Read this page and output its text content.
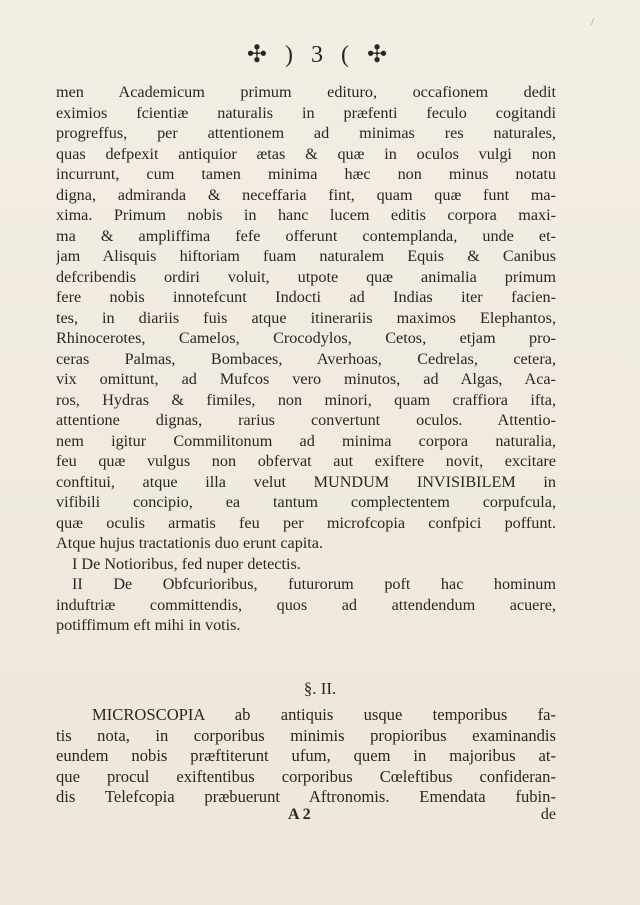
/
✣ ) 3 ( ✣
men Academicum primum editurο, occafionem dedit
eximios fcientiæ naturalis in præfenti feculo cogitandi
progreffus, per attentionem ad minimas res naturales,
quas defpexit antiquior ætas & quæ in oculos vulgi non
incurrunt, cum tamen minima hæc non minus notatu
digna, admiranda & neceffaria fint, quam quæ funt ma-
xima. Primum nobis in hanc lucem editis corpora maxi-
ma & ampliffima fefe offerunt contemplanda, unde et-
jam Alisquis hiftoriam fuam naturalem Equis & Canibus
defcribendis ordiri voluit, utpote quæ animalia primum
fere nobis innotefcunt Indocti ad Indias iter facien-
tes, in diariis fuis atque itinerariis maximos Elephantos,
Rhinocerotes, Camelos, Crocodylos, Cetos, etjam pro-
ceras Palmas, Bombaces, Averhoas, Cedrelas, cetera,
vix omittunt, ad Mufcos vero minutos, ad Algas, Aca-
ros, Hydras & fimiles, non minori, quam craffiora ifta,
attentione dignas, rarius convertunt oculos. Attentio-
nem igitur Commilitonum ad minima corpora naturalia,
feu quæ vulgus non obfervat aut exiftere novit, excitare
conftitui, atque illa velut MUNDUM INVISIBILEM in
vifibili concipio, ea tantum complectentem corpufcula,
quæ oculis armatis feu per microfcopia confpici poffunt.
Atque hujus tractationis duo erunt capita.
I De Notioribus, fed nuper detectis.
II De Obfcurioribus, futurorum poft hac hominum
induftriæ committendis, quos ad attendendum acuere,
potiffimum eft mihi in votis.
§. II.
MICROSCOPIA ab antiquis usque temporibus fa-
tis nota, in corporibus minimis propioribus examinandis
eundem nobis præftiterunt ufum, quem in majoribus at-
que procul exiftentibus corporibus Cœleftibus confideran-
dis Telefcopia præbuerunt Aftronomis. Emendata fubin-
A 2	de
